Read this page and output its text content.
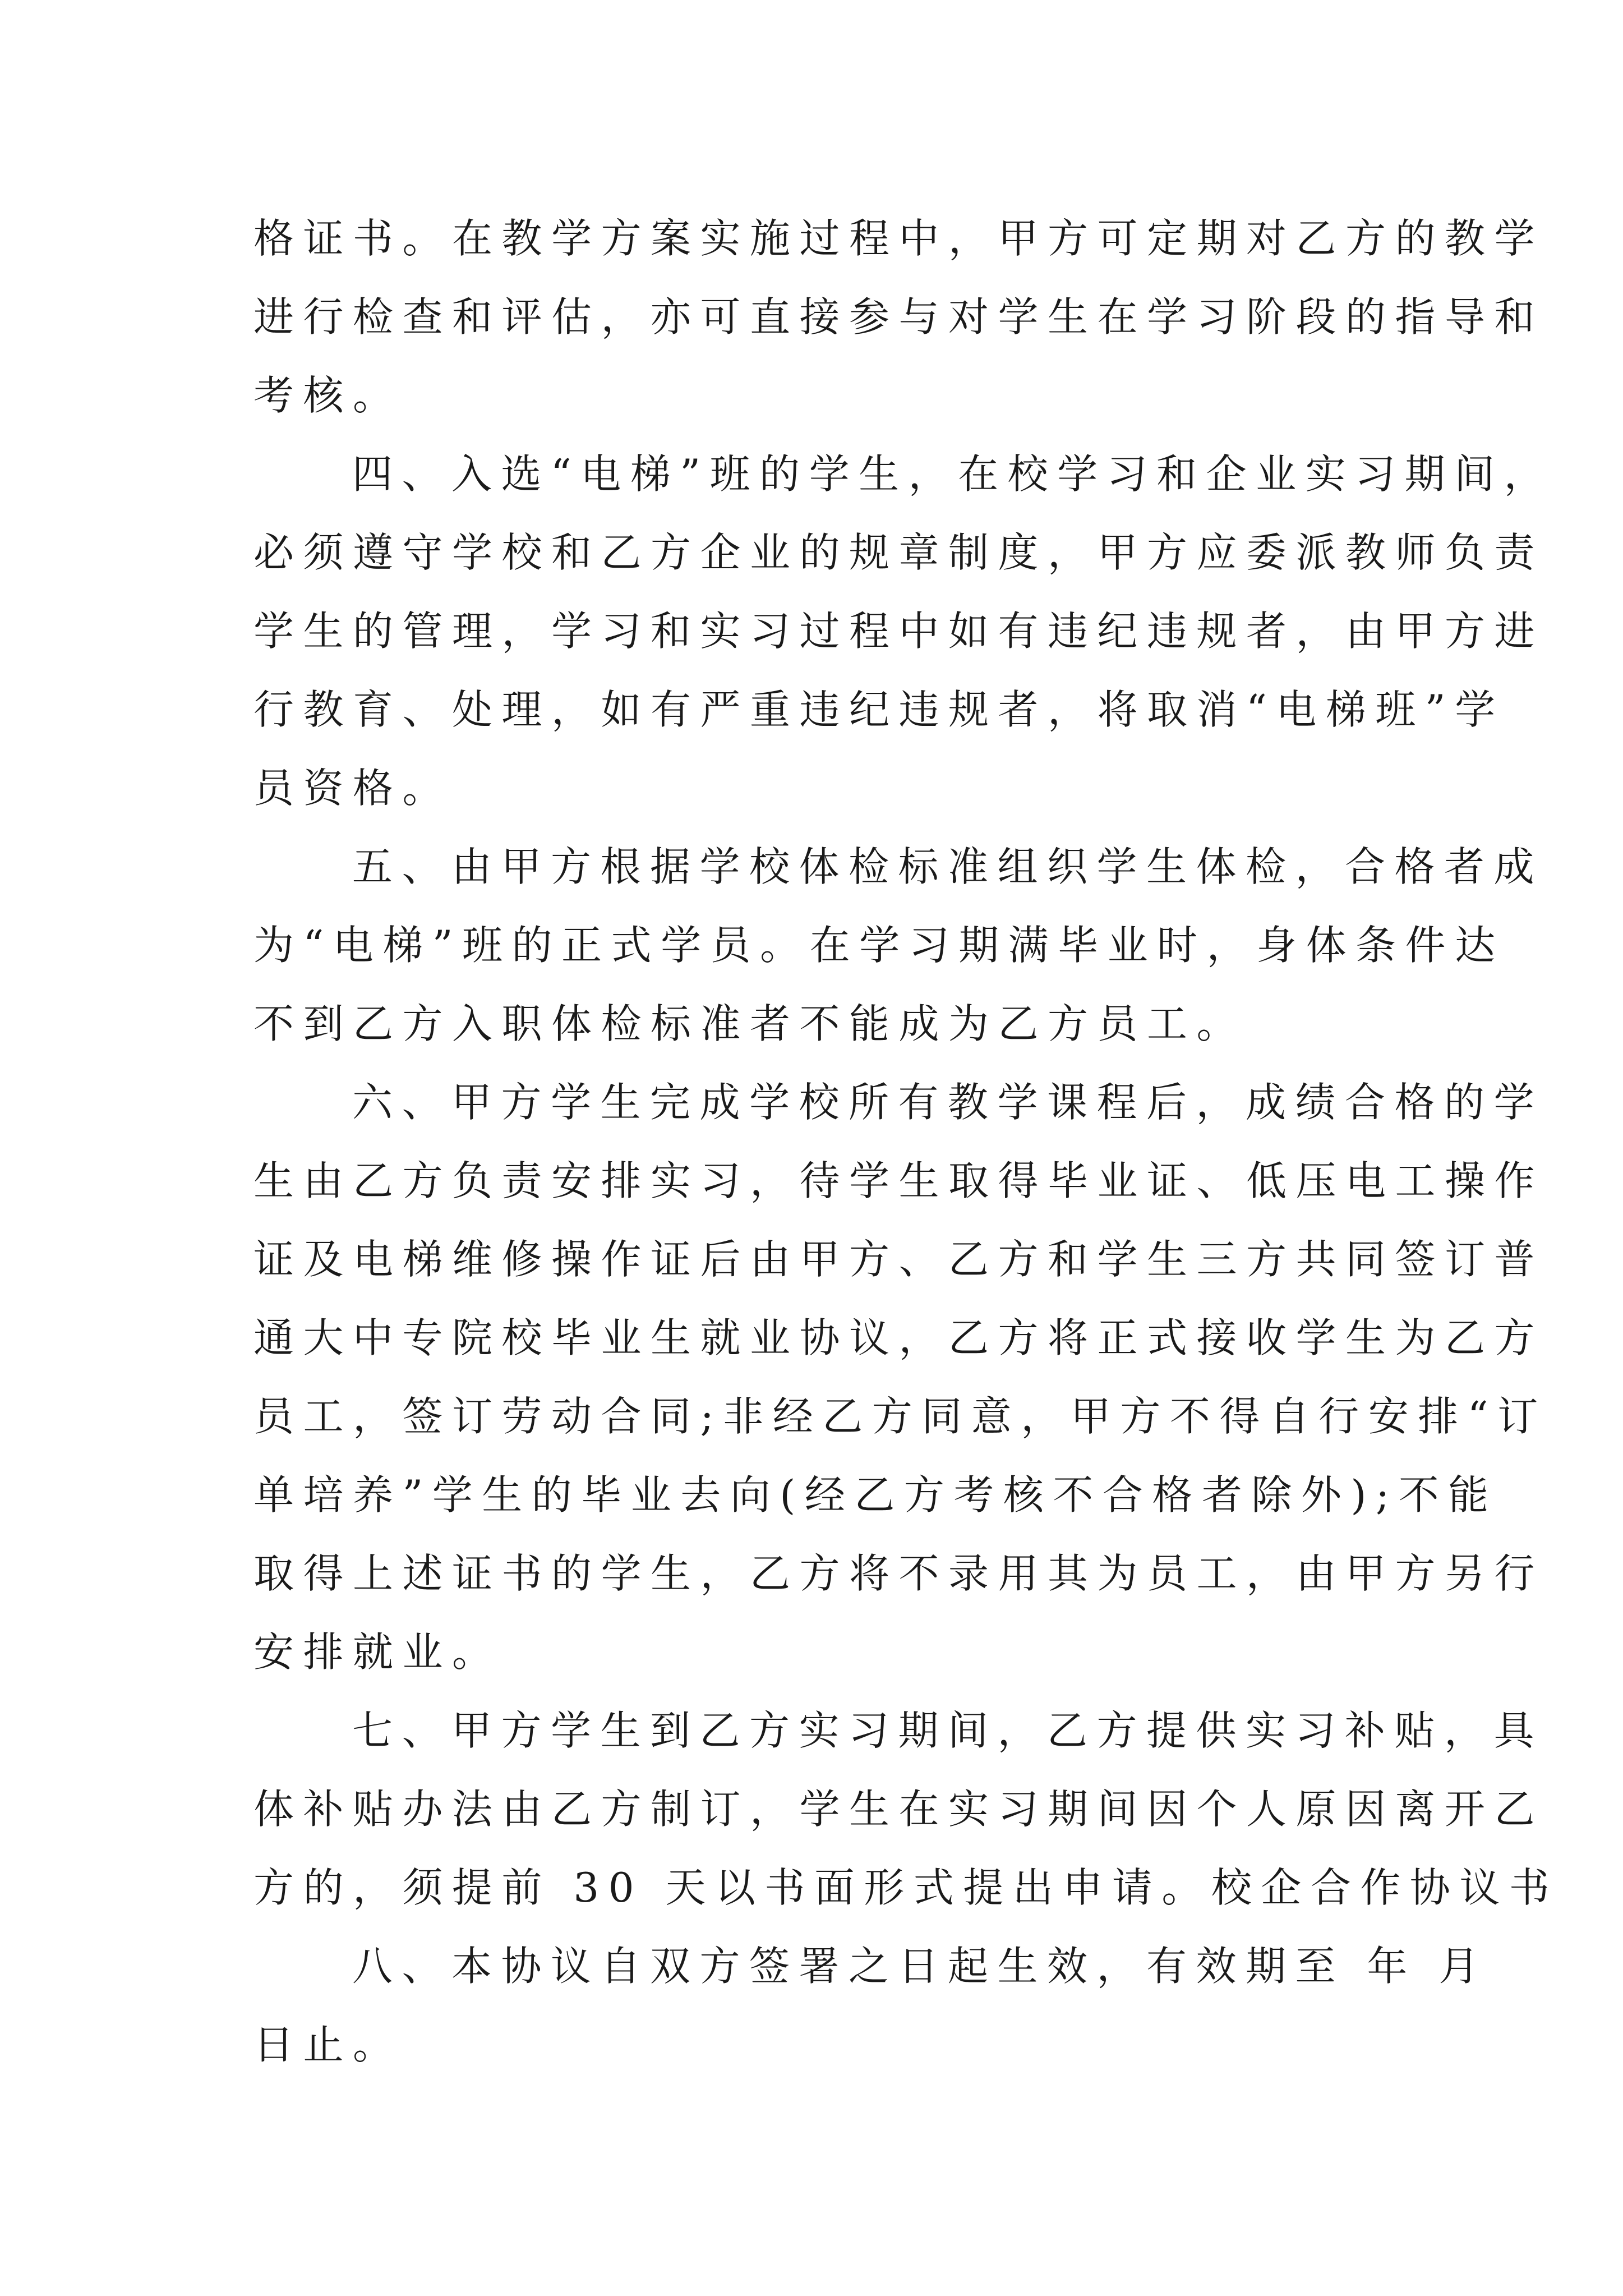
格证书。在教学方案实施过程中，甲方可定期对乙方的教学
进行检查和评估，亦可直接参与对学生在学习阶段的指导和
考核。
四、入选“电梯”班的学生，在校学习和企业实习期间，
必须遵守学校和乙方企业的规章制度，甲方应委派教师负责
学生的管理，学习和实习过程中如有违纪违规者，由甲方进
行教育、处理，如有严重违纪违规者，将取消“电梯班”学
员资格。
五、由甲方根据学校体检标准组织学生体检，合格者成
为“电梯”班的正式学员。在学习期满毕业时，身体条件达
不到乙方入职体检标准者不能成为乙方员工。
六、甲方学生完成学校所有教学课程后，成绩合格的学
生由乙方负责安排实习，待学生取得毕业证、低压电工操作
证及电梯维修操作证后由甲方、乙方和学生三方共同签订普
通大中专院校毕业生就业协议，乙方将正式接收学生为乙方
员工，签订劳动合同;非经乙方同意，甲方不得自行安排“订
单培养”学生的毕业去向(经乙方考核不合格者除外);不能
取得上述证书的学生，乙方将不录用其为员工，由甲方另行
安排就业。
七、甲方学生到乙方实习期间，乙方提供实习补贴，具
体补贴办法由乙方制订，学生在实习期间因个人原因离开乙
方的，须提前 30 天以书面形式提出申请。校企合作协议书
八、本协议自双方签署之日起生效，有效期至 年 月
日止。
